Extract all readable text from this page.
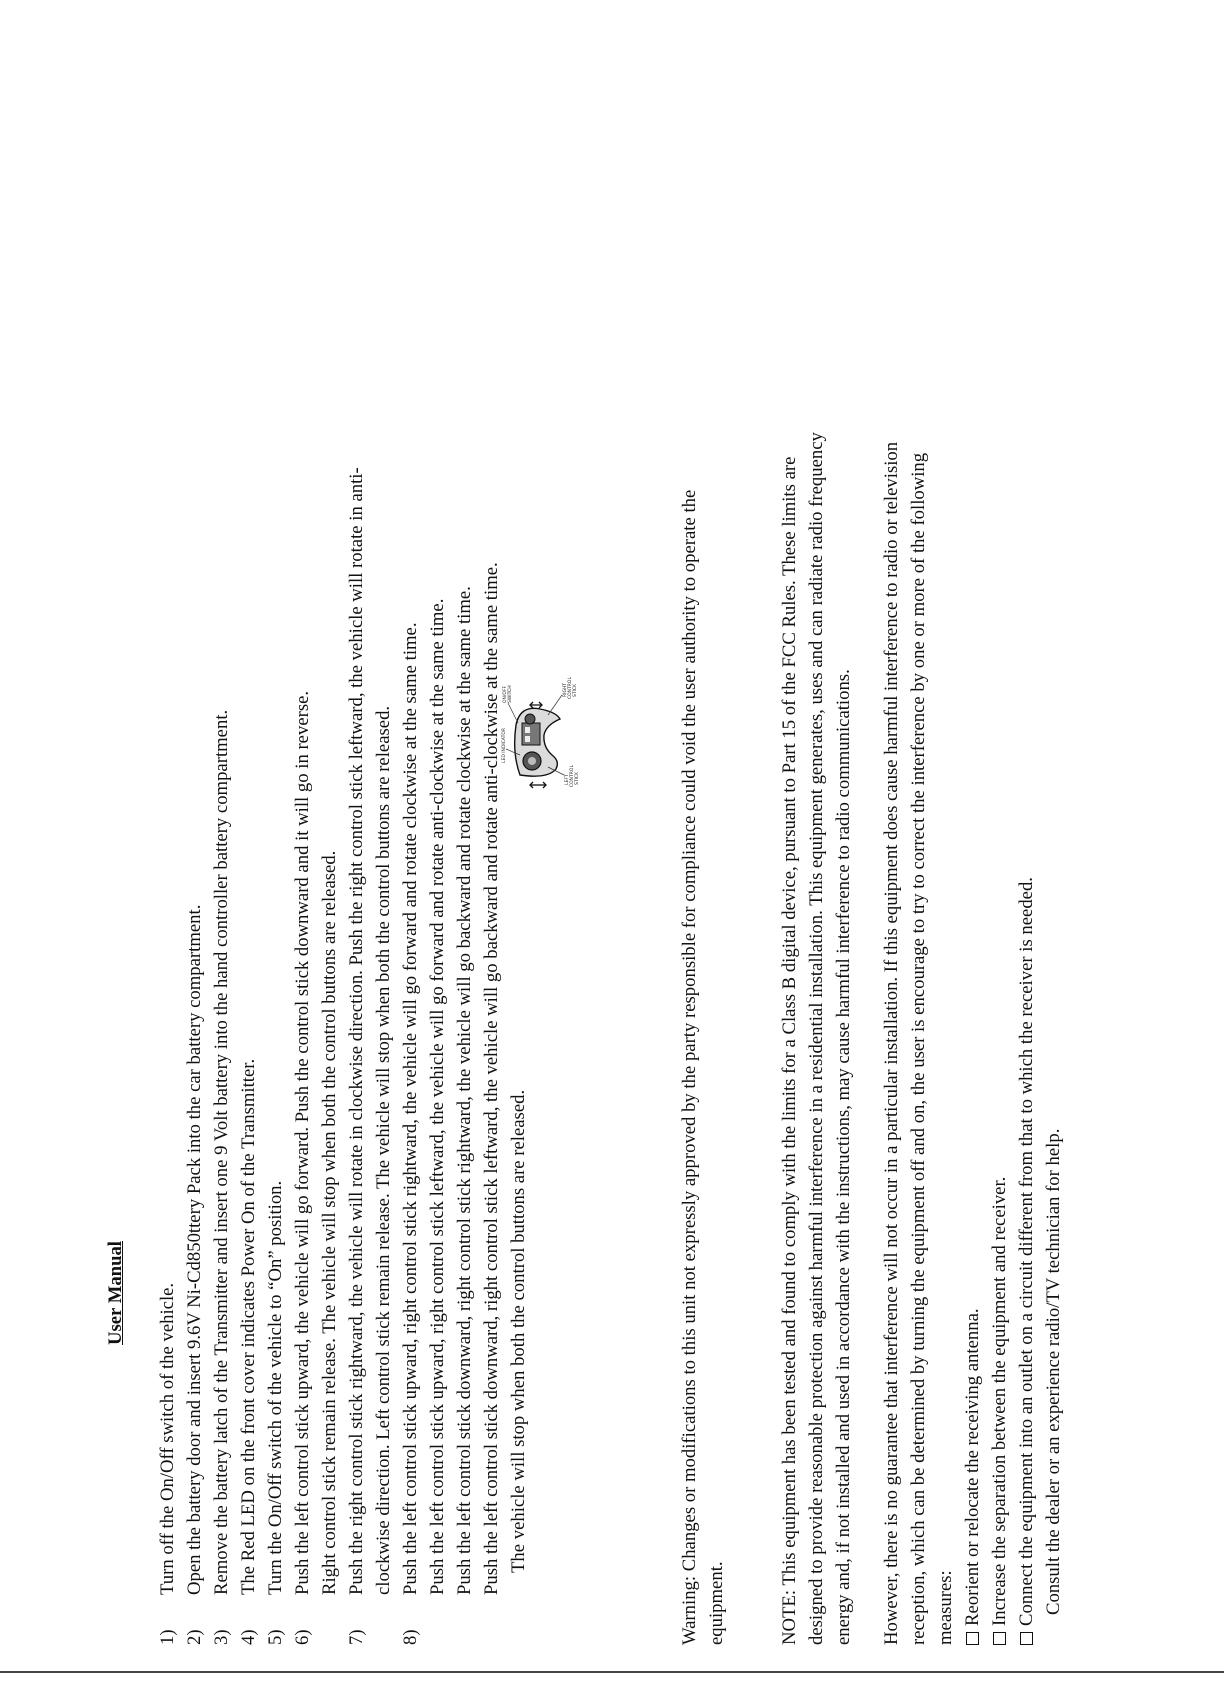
User Manual
1)
Turn off the On/Off switch of the vehicle.
2)
Open the battery door and insert 9.6V Ni-Cd850ttery Pack into the car battery compartment.
3)
Remove the battery latch of the Transmitter and insert one 9 Volt battery into the hand controller battery compartment.
4)
The Red LED on the front cover indicates Power On of the Transmitter.
5)
Turn the On/Off switch of the vehicle to “On” position.
6)
Push the left control stick upward, the vehicle will go forward. Push the control stick downward and it will go in reverse. Right control stick remain release. The vehicle will stop when both the control buttons are released.
7)
Push the right control stick rightward, the vehicle will rotate in clockwise direction. Push the right control stick leftward, the vehicle will rotate in anti- clockwise direction. Left control stick remain release. The vehicle will stop when both the control buttons are released.
8)
Push the left control stick upward, right control stick rightward, the vehicle will go forward and rotate clockwise at the same time. Push the left control stick upward, right control stick leftward, the vehicle will go forward and rotate anti-clockwise at the same time. Push the left control stick downward, right control stick rightward, the vehicle will go backward and rotate clockwise at the same time. Push the left control stick downward, right control stick leftward, the vehicle will go backward and rotate anti-clockwise at the same time. The vehicle will stop when both the control buttons are released.
LED INDICATOR
ON/OFF SWITCH
LEFT CONTROL STICK
RIGHT CONTROL STICK	Warning: Changes or modifications to this unit not expressly approved by the party responsible for compliance could void the user authority to operate the equipment.	NOTE: This equipment has been tested and found to comply with the limits for a Class B digital device, pursuant to Part 15 of the FCC Rules. These limits are designed to provide reasonable protection against harmful interference in a residential installation. This equipment generates, uses and can radiate radio frequency energy and, if not installed and used in accordance with the instructions, may cause harmful interference to radio communications. However, there is no guarantee that interference will not occur in a particular installation. If this equipment does cause harmful interference to radio or television reception, which can be determined by turning the equipment off and on, the user is encourage to try to correct the interference by one or more of the following measures: Reorient or relocate the receiving antenna. Increase the separation between the equipment and receiver. Connect the equipment into an outlet on a circuit different from that to which the receiver is needed. Consult the dealer or an experience radio/TV technician for help.
